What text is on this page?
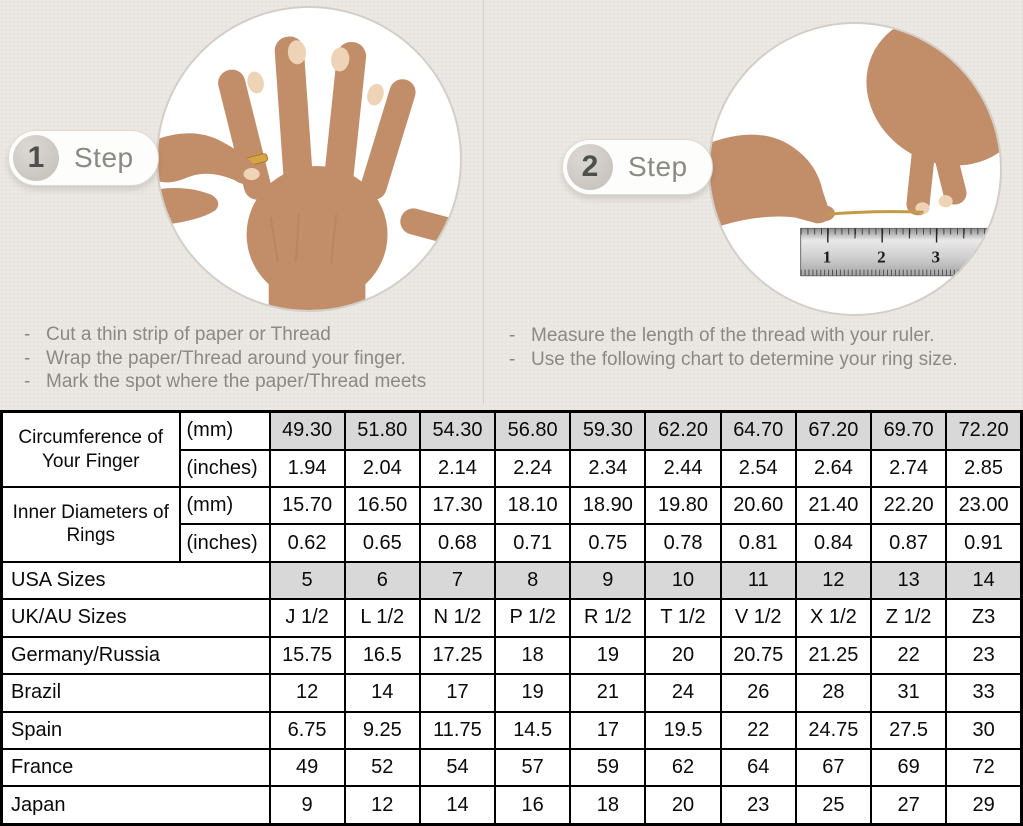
1	Step
- Cut a thin strip of paper or Thread
- Wrap the paper/Thread around your finger.
- Mark the spot where the paper/Thread meets
1	2	3
2	Step
- Measure the length of the thread with your ruler.
- Use the following chart to determine your ring size.
Circumference of Your Finger	(mm)	49.30	51.80	54.30	56.80	59.30	62.20	64.70	67.20	69.70	72.20
	(inches)	1.94	2.04	2.14	2.24	2.34	2.44	2.54	2.64	2.74	2.85
Inner Diameters of Rings	(mm)	15.70	16.50	17.30	18.10	18.90	19.80	20.60	21.40	22.20	23.00
	(inches)	0.62	0.65	0.68	0.71	0.75	0.78	0.81	0.84	0.87	0.91
USA Sizes		5	6	7	8	9	10	11	12	13	14
UK/AU Sizes		J 1/2	L 1/2	N 1/2	P 1/2	R 1/2	T 1/2	V 1/2	X 1/2	Z 1/2	Z3
Germany/Russia		15.75	16.5	17.25	18	19	20	20.75	21.25	22	23
Brazil		12	14	17	19	21	24	26	28	31	33
Spain		6.75	9.25	11.75	14.5	17	19.5	22	24.75	27.5	30
France		49	52	54	57	59	62	64	67	69	72
Japan		9	12	14	16	18	20	23	25	27	29
